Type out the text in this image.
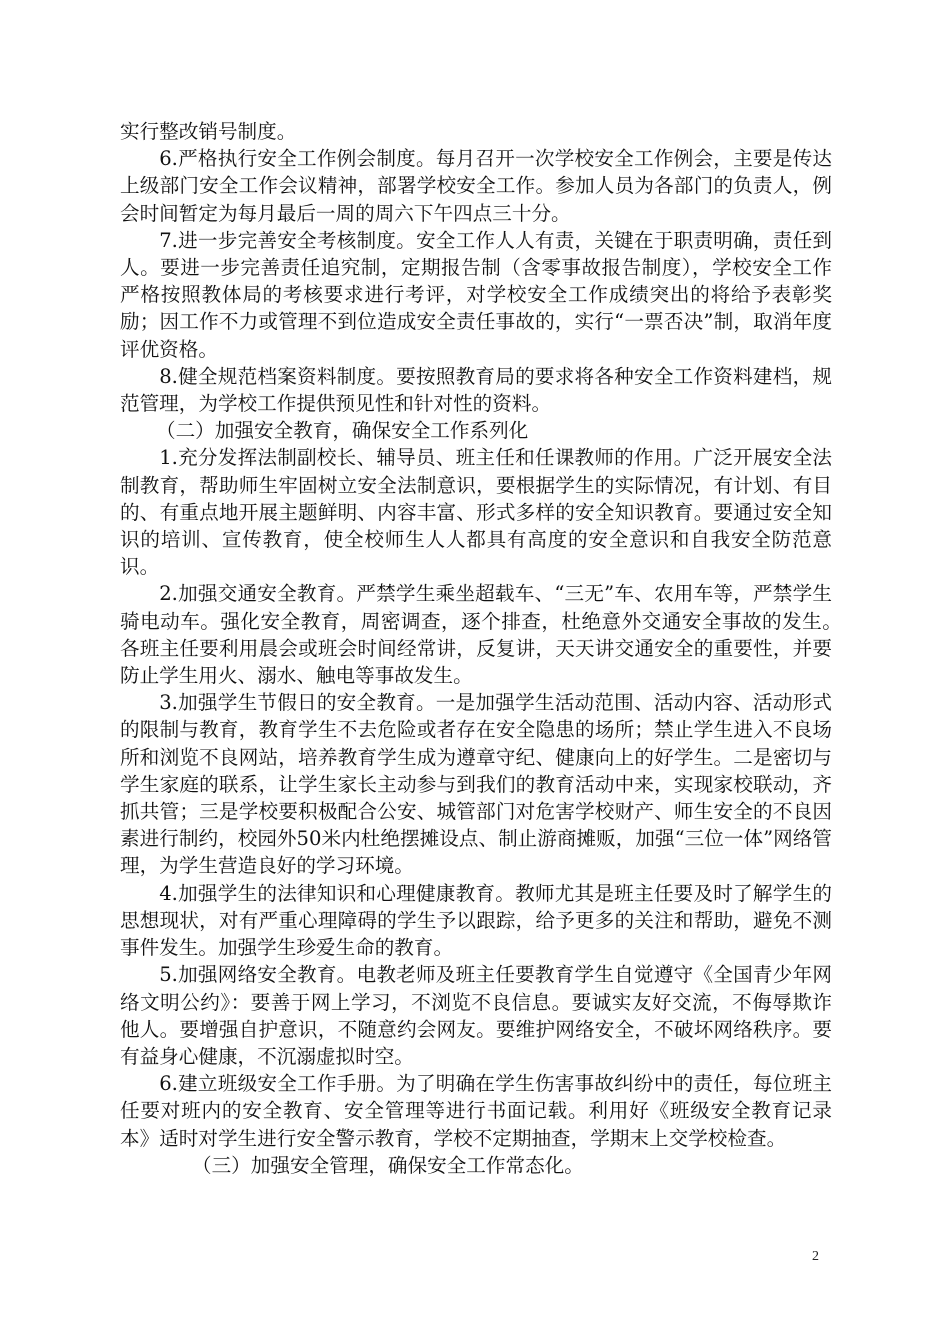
实行整改销号制度。

6.严格执行安全工作例会制度。每月召开一次学校安全工作例会，主要是传达上级部门安全工作会议精神，部署学校安全工作。参加人员为各部门的负责人，例会时间暂定为每月最后一周的周六下午四点三十分。

7.进一步完善安全考核制度。安全工作人人有责，关键在于职责明确，责任到人。要进一步完善责任追究制，定期报告制（含零事故报告制度），学校安全工作严格按照教体局的考核要求进行考评，对学校安全工作成绩突出的将给予表彰奖励；因工作不力或管理不到位造成安全责任事故的，实行“一票否决”制，取消年度评优资格。

8.健全规范档案资料制度。要按照教育局的要求将各种安全工作资料建档，规范管理，为学校工作提供预见性和针对性的资料。

（二）加强安全教育，确保安全工作系列化

1.充分发挥法制副校长、辅导员、班主任和任课教师的作用。广泛开展安全法制教育，帮助师生牢固树立安全法制意识，要根据学生的实际情况，有计划、有目的、有重点地开展主题鲜明、内容丰富、形式多样的安全知识教育。要通过安全知识的培训、宣传教育，使全校师生人人都具有高度的安全意识和自我安全防范意识。

2.加强交通安全教育。严禁学生乘坐超载车、“三无”车、农用车等，严禁学生骑电动车。强化安全教育，周密调查，逐个排查，杜绝意外交通安全事故的发生。　各班主任要利用晨会或班会时间经常讲，反复讲，天天讲交通安全的重要性，并要防止学生用火、溺水、触电等事故发生。

3.加强学生节假日的安全教育。一是加强学生活动范围、活动内容、活动形式的限制与教育，教育学生不去危险或者存在安全隐患的场所；禁止学生进入不良场所和浏览不良网站，培养教育学生成为遵章守纪、健康向上的好学生。二是密切与学生家庭的联系，让学生家长主动参与到我们的教育活动中来，实现家校联动，齐抓共管；三是学校要积极配合公安、城管部门对危害学校财产、师生安全的不良因素进行制约，校园外50米内杜绝摆摊设点、制止游商摊贩，加强“三位一体”网络管理，为学生营造良好的学习环境。

4.加强学生的法律知识和心理健康教育。教师尤其是班主任要及时了解学生的思想现状，对有严重心理障碍的学生予以跟踪，给予更多的关注和帮助，避免不测事件发生。加强学生珍爱生命的教育。

5.加强网络安全教育。电教老师及班主任要教育学生自觉遵守《全国青少年网络文明公约》：要善于网上学习，不浏览不良信息。要诚实友好交流，不侮辱欺诈他人。要增强自护意识，不随意约会网友。要维护网络安全，不破坏网络秩序。要有益身心健康，不沉溺虚拟时空。

6.建立班级安全工作手册。为了明确在学生伤害事故纠纷中的责任，每位班主任要对班内的安全教育、安全管理等进行书面记载。利用好《班级安全教育记录本》适时对学生进行安全警示教育，学校不定期抽查，学期末上交学校检查。

（三）加强安全管理，确保安全工作常态化。

2
